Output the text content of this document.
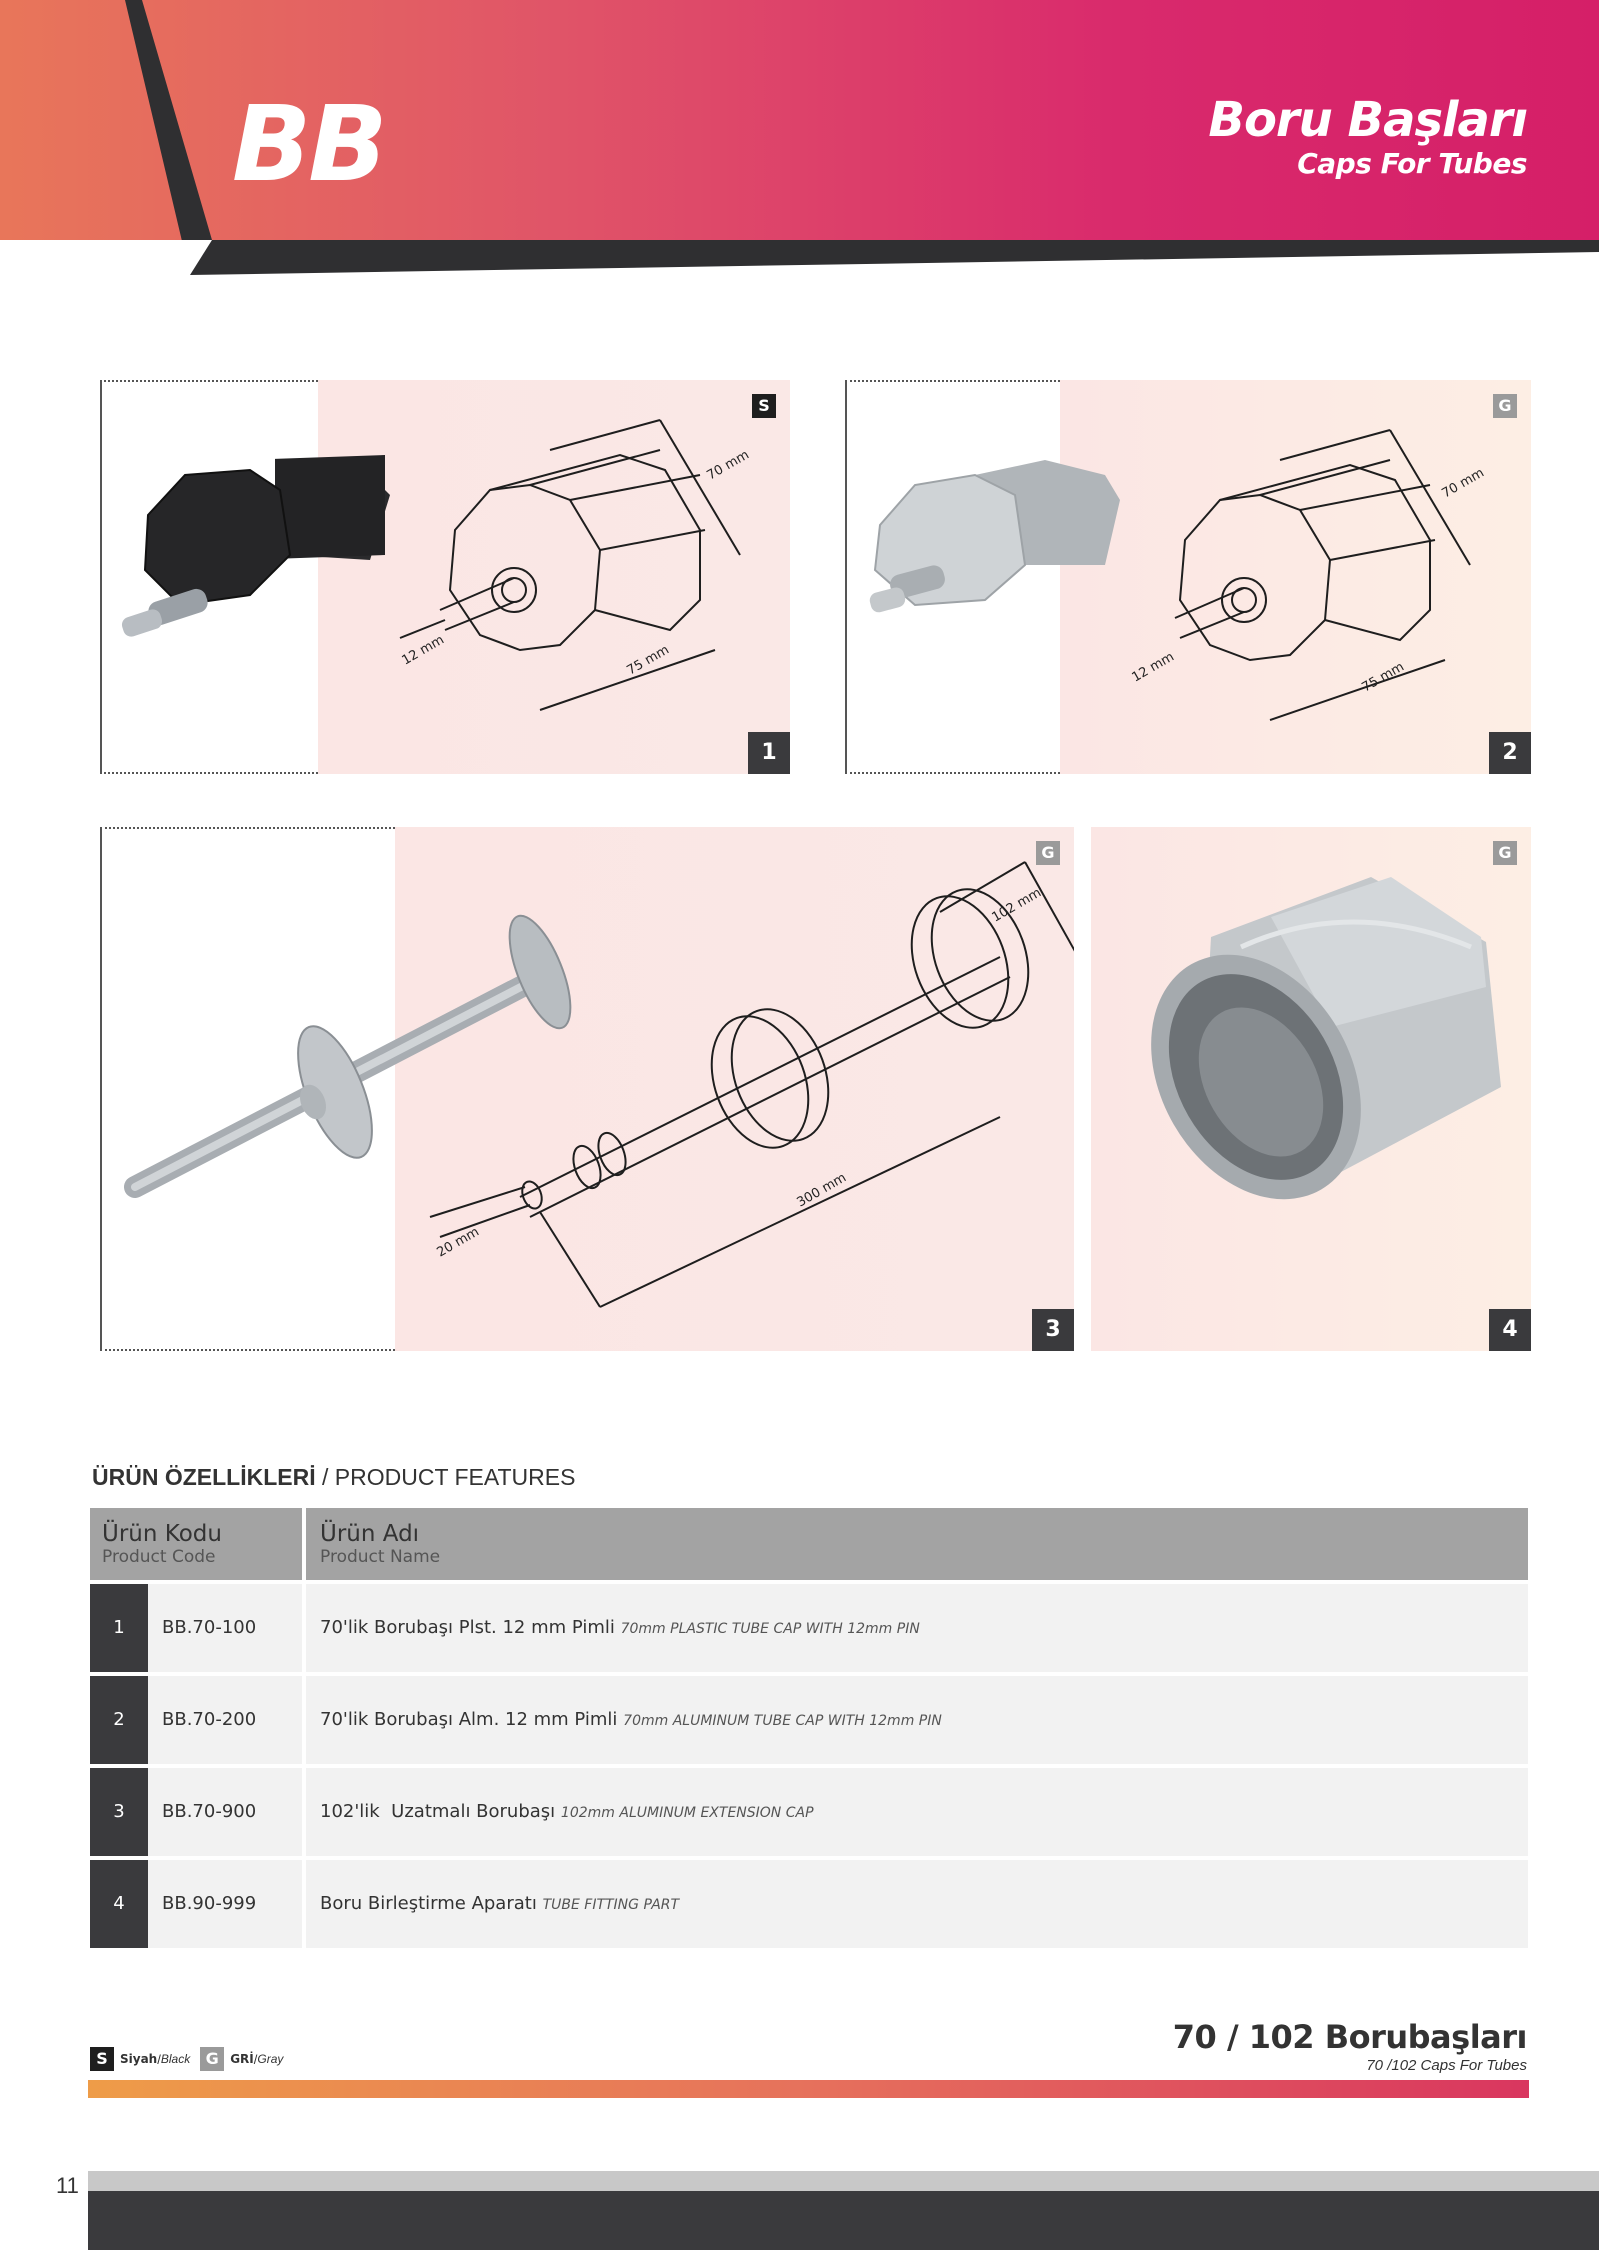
BB	Boru Başları
Caps For Tubes
70 mm
12 mm	75 mm
S
1
70 mm
12 mm	75 mm
G
2
102 mm
20 mm
300 mm
G
3
G
4
ÜRÜN ÖZELLİKLERİ / PRODUCT FEATURES
Ürün Kodu
Product Code
Ürün Adı
Product Name
1	BB.70-100	70'lik Borubaşı Plst. 12 mm Pimli 70mm PLASTIC TUBE CAP WITH 12mm PIN
2	BB.70-200	70'lik Borubaşı Alm. 12 mm Pimli 70mm ALUMINUM TUBE CAP WITH 12mm PIN
3	BB.70-900	102'lik  Uzatmalı Borubaşı 102mm ALUMINUM EXTENSION CAP
4	BB.90-999	Boru Birleştirme Aparatı TUBE FITTING PART
S	Siyah / Black G GRİ / Gray
70 / 102 Borubaşları
70 /102 Caps For Tubes
11
